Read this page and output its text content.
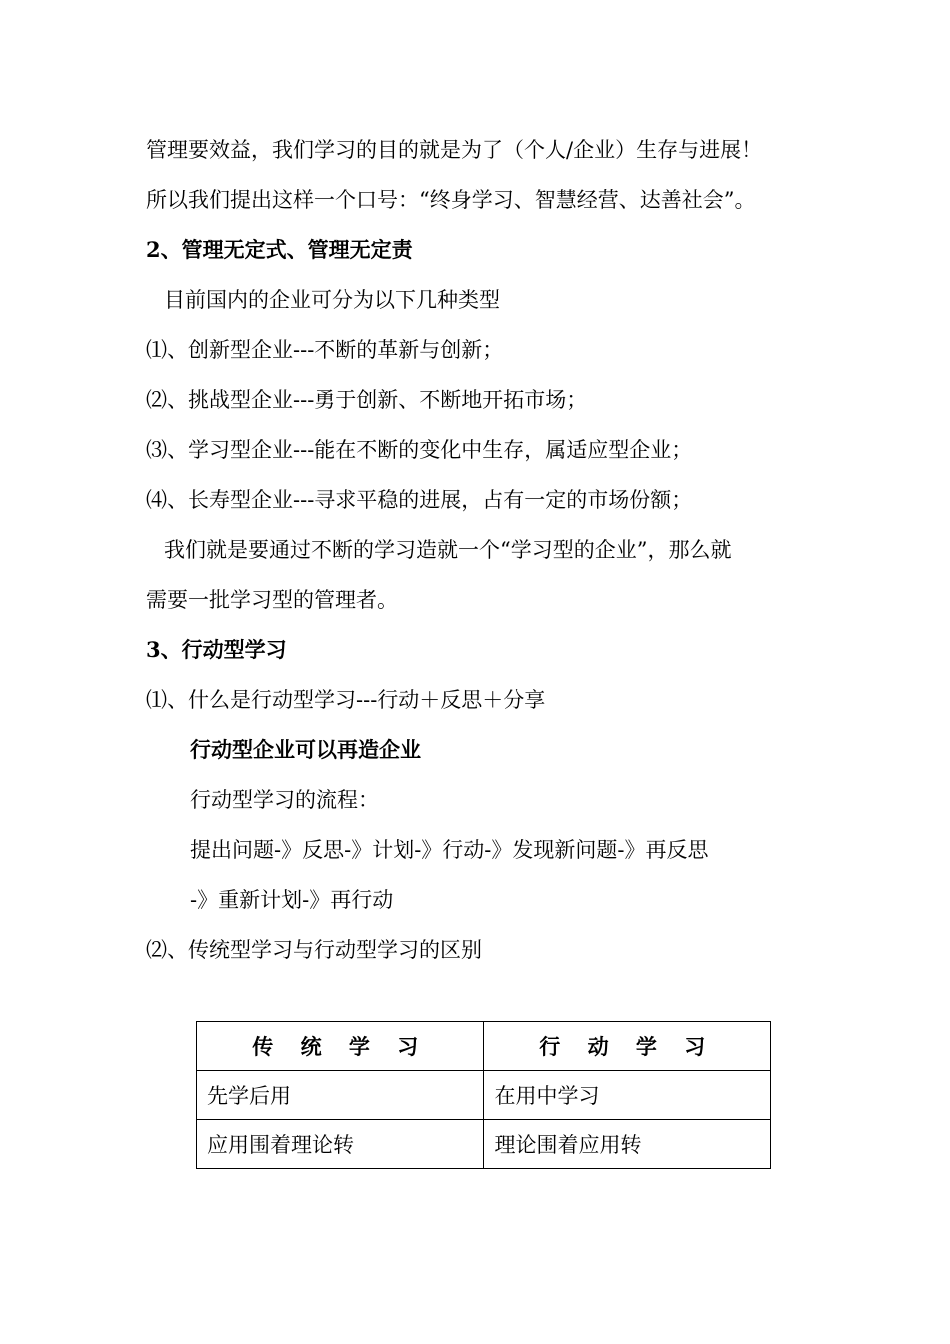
管理要效益，我们学习的目的就是为了（个人/企业）生存与进展！
所以我们提出这样一个口号：“终身学习、智慧经营、达善社会”。
2、管理无定式、管理无定责
目前国内的企业可分为以下几种类型
⑴、创新型企业---不断的革新与创新；
⑵、挑战型企业---勇于创新、不断地开拓市场；
⑶、学习型企业---能在不断的变化中生存，属适应型企业；
⑷、长寿型企业---寻求平稳的进展，占有一定的市场份额；
我们就是要通过不断的学习造就一个“学习型的企业”，那么就
需要一批学习型的管理者。
3、行动型学习
⑴、什么是行动型学习---行动＋反思＋分享
行动型企业可以再造企业
行动型学习的流程：
提出问题-》反思-》计划-》行动-》发现新问题-》再反思
-》重新计划-》再行动
⑵、传统型学习与行动型学习的区别
传 统 学 习	行 动 学 习
先学后用	在用中学习
应用围着理论转	理论围着应用转
